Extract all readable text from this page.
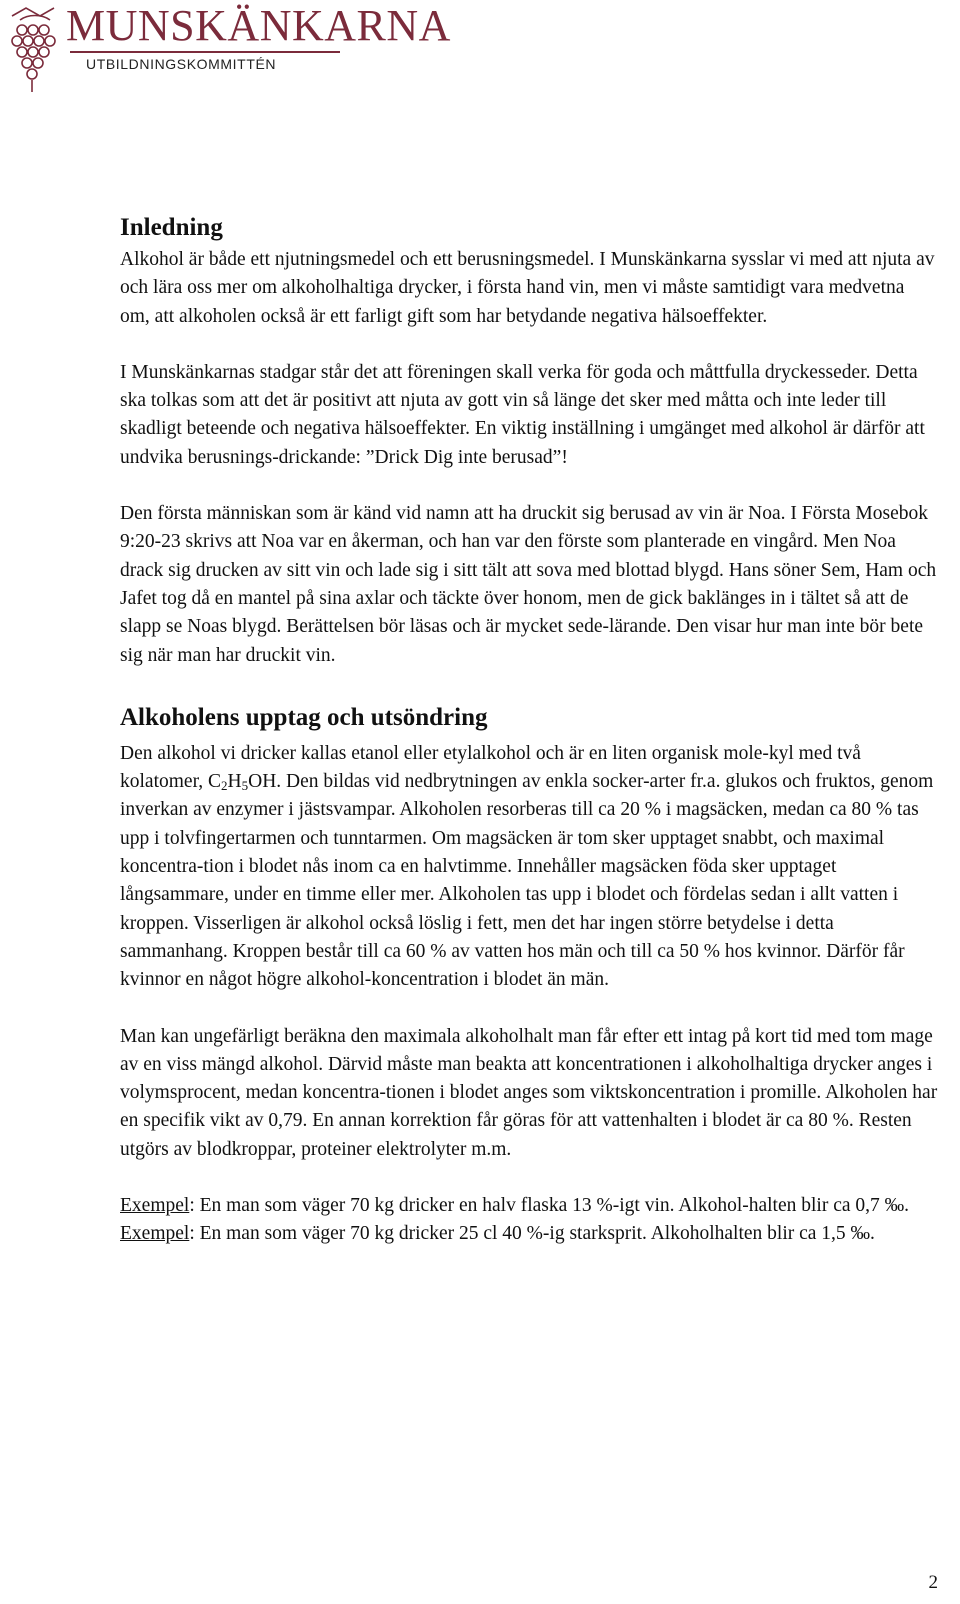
MUNSKÄNKARNA
UTBILDNINGSKOMMITTÉN
Inledning

Alkohol är både ett njutningsmedel och ett berusningsmedel. I Munskänkarna sysslar vi med att njuta av och lära oss mer om alkoholhaltiga drycker, i första hand vin, men vi måste samtidigt vara medvetna om, att alkoholen också är ett farligt gift som har betydande negativa hälsoeffekter.

I Munskänkarnas stadgar står det att föreningen skall verka för goda och måttfulla dryckesseder. Detta ska tolkas som att det är positivt att njuta av gott vin så länge det sker med måtta och inte leder till skadligt beteende och negativa hälsoeffekter. En viktig inställning i umgänget med alkohol är därför att undvika berusnings-drickande: ”Drick Dig inte berusad”!

Den första människan som är känd vid namn att ha druckit sig berusad av vin är Noa. I Första Mosebok 9:20-23 skrivs att Noa var en åkerman, och han var den förste som planterade en vingård. Men Noa drack sig drucken av sitt vin och lade sig i sitt tält att sova med blottad blygd. Hans söner Sem, Ham och Jafet tog då en mantel på sina axlar och täckte över honom, men de gick baklänges in i tältet så att de slapp se Noas blygd. Berättelsen bör läsas och är mycket sede-lärande. Den visar hur man inte bör bete sig när man har druckit vin.

Alkoholens upptag och utsöndring

Den alkohol vi dricker kallas etanol eller etylalkohol och är en liten organisk mole-kyl med två kolatomer, $C_2H_5OH$. Den bildas vid nedbrytningen av enkla socker-arter fr.a. glukos och fruktos, genom inverkan av enzymer i jästsvampar. Alkoholen resorberas till ca 20 % i magsäcken, medan ca 80 % tas upp i tolvfingertarmen och tunntarmen. Om magsäcken är tom sker upptaget snabbt, och maximal koncentra-tion i blodet nås inom ca en halvtimme. Innehåller magsäcken föda sker upptaget långsammare, under en timme eller mer. Alkoholen tas upp i blodet och fördelas sedan i allt vatten i kroppen. Visserligen är alkohol också löslig i fett, men det har ingen större betydelse i detta sammanhang. Kroppen består till ca 60 % av vatten hos män och till ca 50 % hos kvinnor. Därför får kvinnor en något högre alkohol-koncentration i blodet än män.

Man kan ungefärligt beräkna den maximala alkoholhalt man får efter ett intag på kort tid med tom mage av en viss mängd alkohol. Därvid måste man beakta att koncentrationen i alkoholhaltiga drycker anges i volymsprocent, medan koncentra-tionen i blodet anges som viktskoncentration i promille. Alkoholen har en specifik vikt av 0,79. En annan korrektion får göras för att vattenhalten i blodet är ca 80 %. Resten utgörs av blodkroppar, proteiner elektrolyter m.m.

Exempel: En man som väger 70 kg dricker en halv flaska 13 %-igt vin. Alkohol-halten blir ca 0,7 ‰.

Exempel: En man som väger 70 kg dricker 25 cl 40 %-ig starksprit. Alkoholhalten blir ca 1,5 ‰.

2
